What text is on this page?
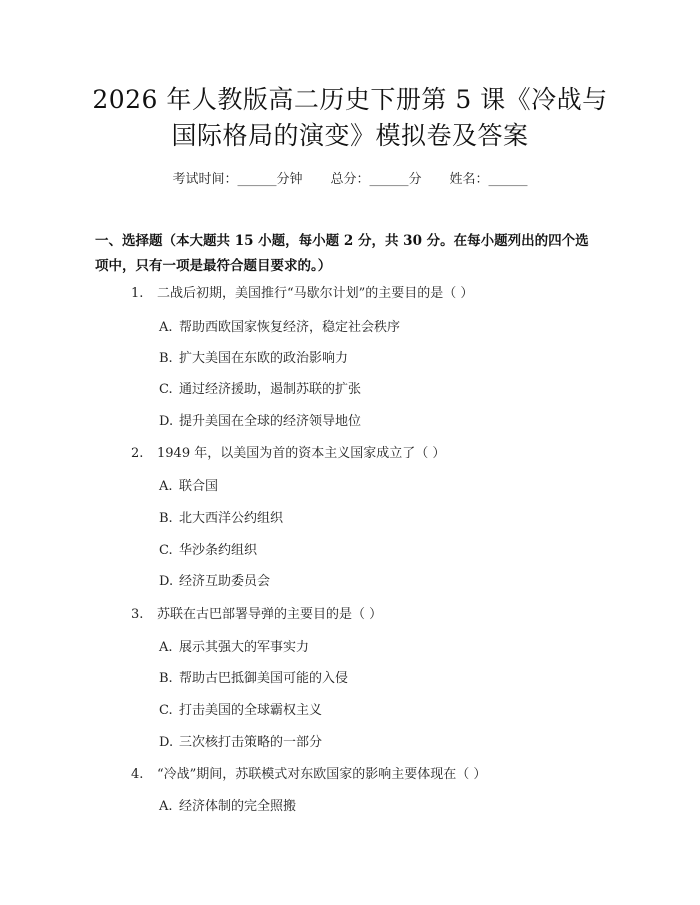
2026 年人教版高二历史下册第 5 课《冷战与
国际格局的演变》模拟卷及答案
考试时间：______分钟 总分：______分 姓名：______
一、选择题（本大题共 15 小题，每小题 2 分，共 30 分。在每小题列出的四个选
项中，只有一项是最符合题目要求的。）
1. 二战后初期，美国推行“马歇尔计划”的主要目的是（ ）
A. 帮助西欧国家恢复经济，稳定社会秩序
B. 扩大美国在东欧的政治影响力
C. 通过经济援助，遏制苏联的扩张
D. 提升美国在全球的经济领导地位
2. 1949 年，以美国为首的资本主义国家成立了（ ）
A. 联合国
B. 北大西洋公约组织
C. 华沙条约组织
D. 经济互助委员会
3. 苏联在古巴部署导弹的主要目的是（ ）
A. 展示其强大的军事实力
B. 帮助古巴抵御美国可能的入侵
C. 打击美国的全球霸权主义
D. 三次核打击策略的一部分
4. “冷战”期间，苏联模式对东欧国家的影响主要体现在（ ）
A. 经济体制的完全照搬
